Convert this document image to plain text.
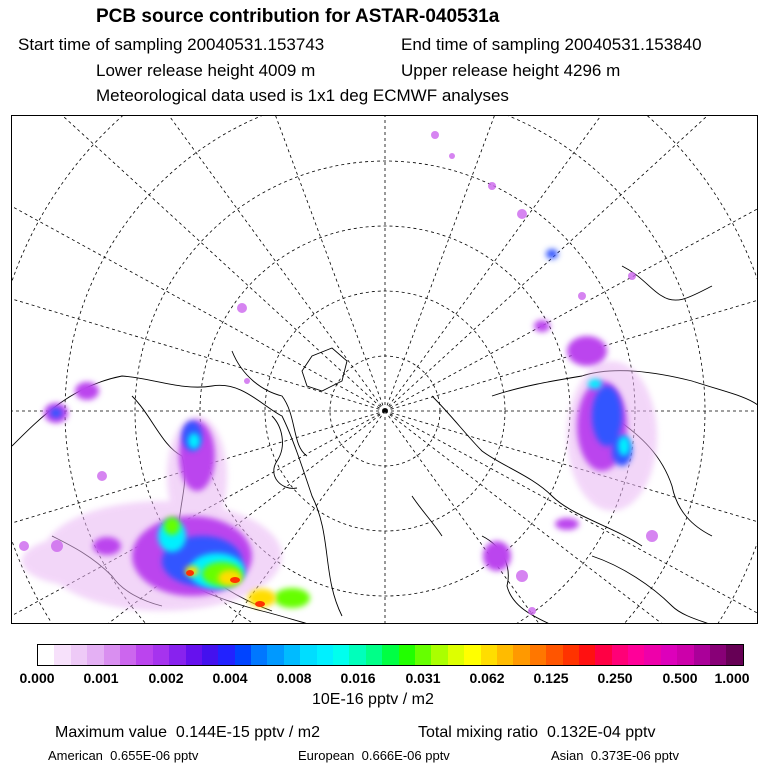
PCB source contribution for ASTAR-040531a
Start time of sampling 20040531.153743	End time of sampling 20040531.153840
Lower release height 4009 m	Upper release height 4296 m
Meteorological data used is 1x1 deg ECMWF analyses
0.000 0.001 0.002 0.004 0.008 0.016 0.031 0.062 0.125 0.250 0.500 1.000
10E-16 pptv / m2
Maximum value 0.144E-15 pptv / m2	Total mixing ratio 0.132E-04 pptv
American 0.655E-06 pptv	European 0.666E-06 pptv	Asian 0.373E-06 pptv
